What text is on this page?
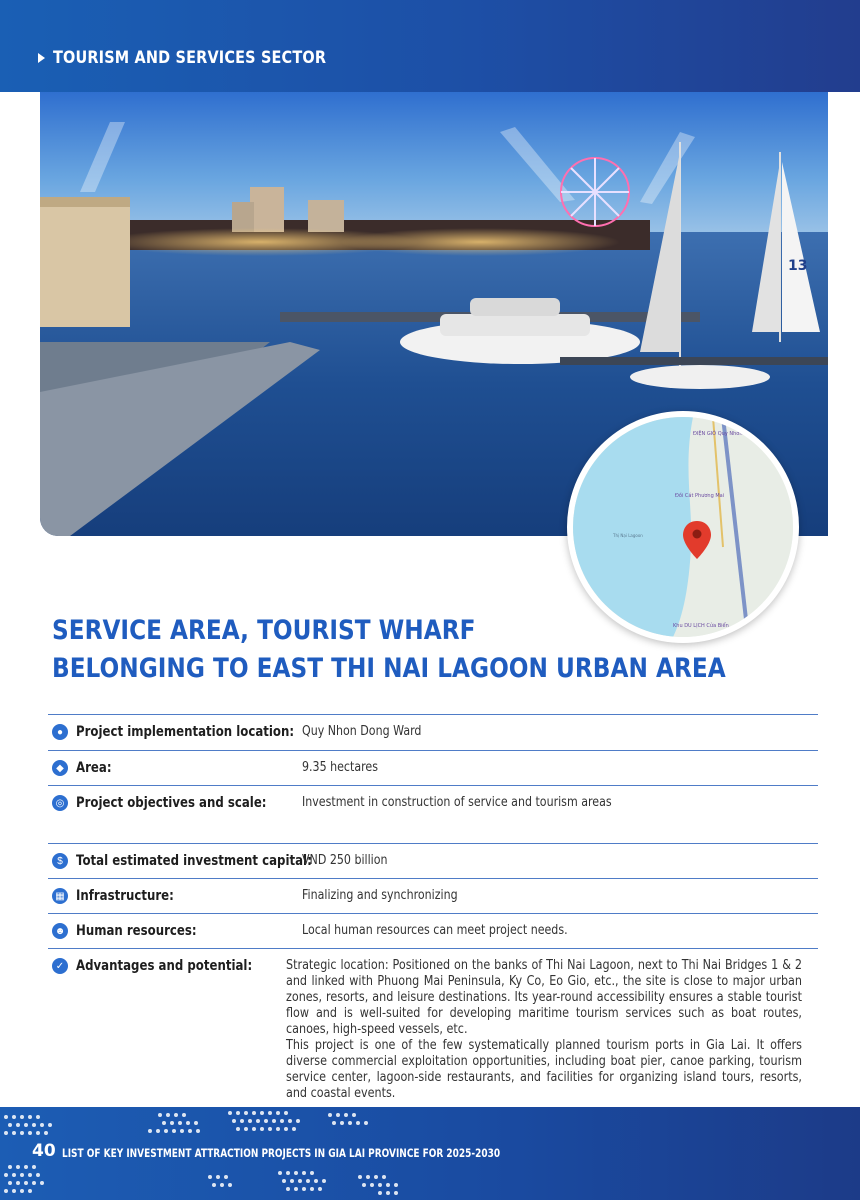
TOURISM AND SERVICES SECTOR
13
ĐIỆN GIÓ Quy Nhơn
Đồi Cát Phương Mai
Khu DU LỊCH Cửa Biển
Thị Nại Lagoon
SERVICE AREA, TOURIST WHARF
BELONGING TO EAST THI NAI LAGOON URBAN AREA
● Project implementation location: Quy Nhon Dong Ward
◆ Area:	9.35 hectares
◎ Project objectives and scale:	Investment in construction of service and tourism areas
$ Total estimated investment capital:
VND 250 billion
▦ Infrastructure:	Finalizing and synchronizing
☻ Human resources:	Local human resources can meet project needs.
✓ Advantages and potential:	Strategic location: Positioned on the banks of Thi Nai Lagoon, next to Thi Nai Bridges 1 & 2 and linked with Phuong Mai Peninsula, Ky Co, Eo Gio, etc., the site is close to major urban zones, resorts, and leisure destinations. Its year-round accessibility ensures a stable tourist flow and is well-suited for developing maritime tourism services such as boat routes, canoes, high-speed vessels, etc.
This project is one of the few systematically planned tourism ports in Gia Lai. It offers diverse commercial exploitation opportunities, including boat pier, canoe parking, tourism service center, lagoon-side restaurants, and facilities for organizing island tours, resorts, and coastal events.
40 LIST OF KEY INVESTMENT ATTRACTION PROJECTS IN GIA LAI PROVINCE FOR 2025-2030
